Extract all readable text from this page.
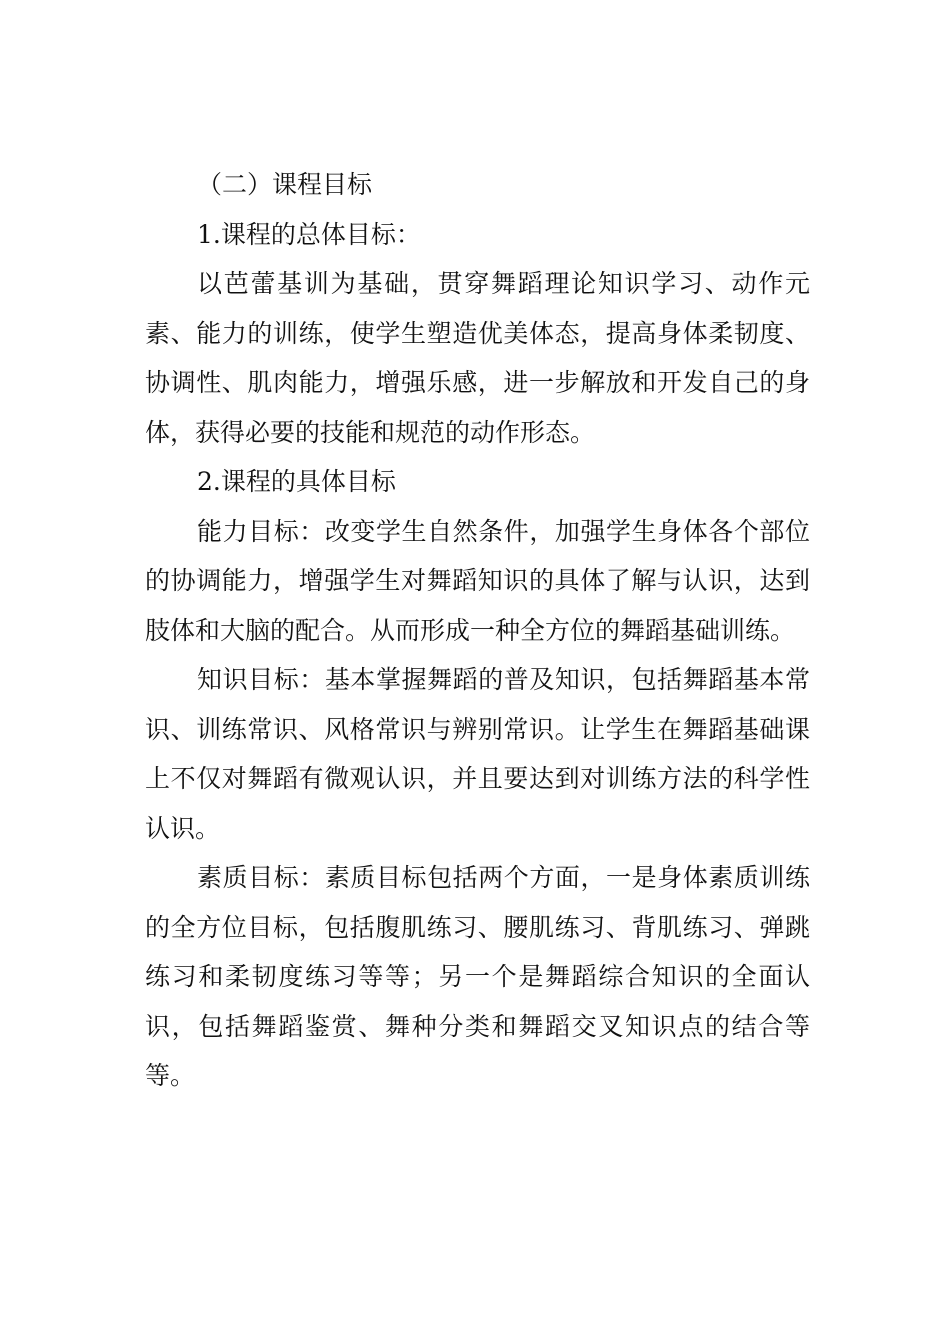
（二）课程目标

1.课程的总体目标：

以芭蕾基训为基础，贯穿舞蹈理论知识学习、动作元素、能力的训练，使学生塑造优美体态，提高身体柔韧度、协调性、肌肉能力，增强乐感，进一步解放和开发自己的身体，获得必要的技能和规范的动作形态。

2.课程的具体目标

能力目标：改变学生自然条件，加强学生身体各个部位的协调能力，增强学生对舞蹈知识的具体了解与认识，达到肢体和大脑的配合。从而形成一种全方位的舞蹈基础训练。

知识目标：基本掌握舞蹈的普及知识，包括舞蹈基本常识、训练常识、风格常识与辨别常识。让学生在舞蹈基础课上不仅对舞蹈有微观认识，并且要达到对训练方法的科学性认识。

素质目标：素质目标包括两个方面，一是身体素质训练的全方位目标，包括腹肌练习、腰肌练习、背肌练习、弹跳练习和柔韧度练习等等；另一个是舞蹈综合知识的全面认识，包括舞蹈鉴赏、舞种分类和舞蹈交叉知识点的结合等等。
